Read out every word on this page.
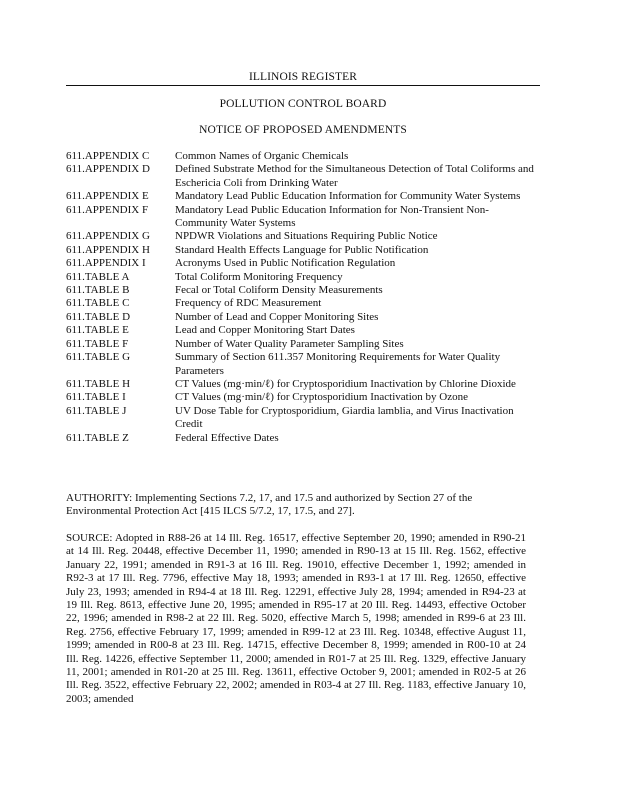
ILLINOIS REGISTER
POLLUTION CONTROL BOARD
NOTICE OF PROPOSED AMENDMENTS
611.APPENDIX C	Common Names of Organic Chemicals
611.APPENDIX D	Defined Substrate Method for the Simultaneous Detection of Total Coliforms and Eschericia Coli from Drinking Water
611.APPENDIX E	Mandatory Lead Public Education Information for Community Water Systems
611.APPENDIX F	Mandatory Lead Public Education Information for Non-Transient Non-Community Water Systems
611.APPENDIX G	NPDWR Violations and Situations Requiring Public Notice
611.APPENDIX H	Standard Health Effects Language for Public Notification
611.APPENDIX I	Acronyms Used in Public Notification Regulation
611.TABLE A	Total Coliform Monitoring Frequency
611.TABLE B	Fecal or Total Coliform Density Measurements
611.TABLE C	Frequency of RDC Measurement
611.TABLE D	Number of Lead and Copper Monitoring Sites
611.TABLE E	Lead and Copper Monitoring Start Dates
611.TABLE F	Number of Water Quality Parameter Sampling Sites
611.TABLE G	Summary of Section 611.357 Monitoring Requirements for Water Quality Parameters
611.TABLE H	CT Values (mg·min/ℓ) for Cryptosporidium Inactivation by Chlorine Dioxide
611.TABLE I	CT Values (mg·min/ℓ) for Cryptosporidium Inactivation by Ozone
611.TABLE J	UV Dose Table for Cryptosporidium, Giardia lamblia, and Virus Inactivation Credit
611.TABLE Z	Federal Effective Dates

AUTHORITY: Implementing Sections 7.2, 17, and 17.5 and authorized by Section 27 of the Environmental Protection Act [415 ILCS 5/7.2, 17, 17.5, and 27].

SOURCE: Adopted in R88-26 at 14 Ill. Reg. 16517, effective September 20, 1990; amended in R90-21 at 14 Ill. Reg. 20448, effective December 11, 1990; amended in R90-13 at 15 Ill. Reg. 1562, effective January 22, 1991; amended in R91-3 at 16 Ill. Reg. 19010, effective December 1, 1992; amended in R92-3 at 17 Ill. Reg. 7796, effective May 18, 1993; amended in R93-1 at 17 Ill. Reg. 12650, effective July 23, 1993; amended in R94-4 at 18 Ill. Reg. 12291, effective July 28, 1994; amended in R94-23 at 19 Ill. Reg. 8613, effective June 20, 1995; amended in R95-17 at 20 Ill. Reg. 14493, effective October 22, 1996; amended in R98-2 at 22 Ill. Reg. 5020, effective March 5, 1998; amended in R99-6 at 23 Ill. Reg. 2756, effective February 17, 1999; amended in R99-12 at 23 Ill. Reg. 10348, effective August 11, 1999; amended in R00-8 at 23 Ill. Reg. 14715, effective December 8, 1999; amended in R00-10 at 24 Ill. Reg. 14226, effective September 11, 2000; amended in R01-7 at 25 Ill. Reg. 1329, effective January 11, 2001; amended in R01-20 at 25 Ill. Reg. 13611, effective October 9, 2001; amended in R02-5 at 26 Ill. Reg. 3522, effective February 22, 2002; amended in R03-4 at 27 Ill. Reg. 1183, effective January 10, 2003; amended
